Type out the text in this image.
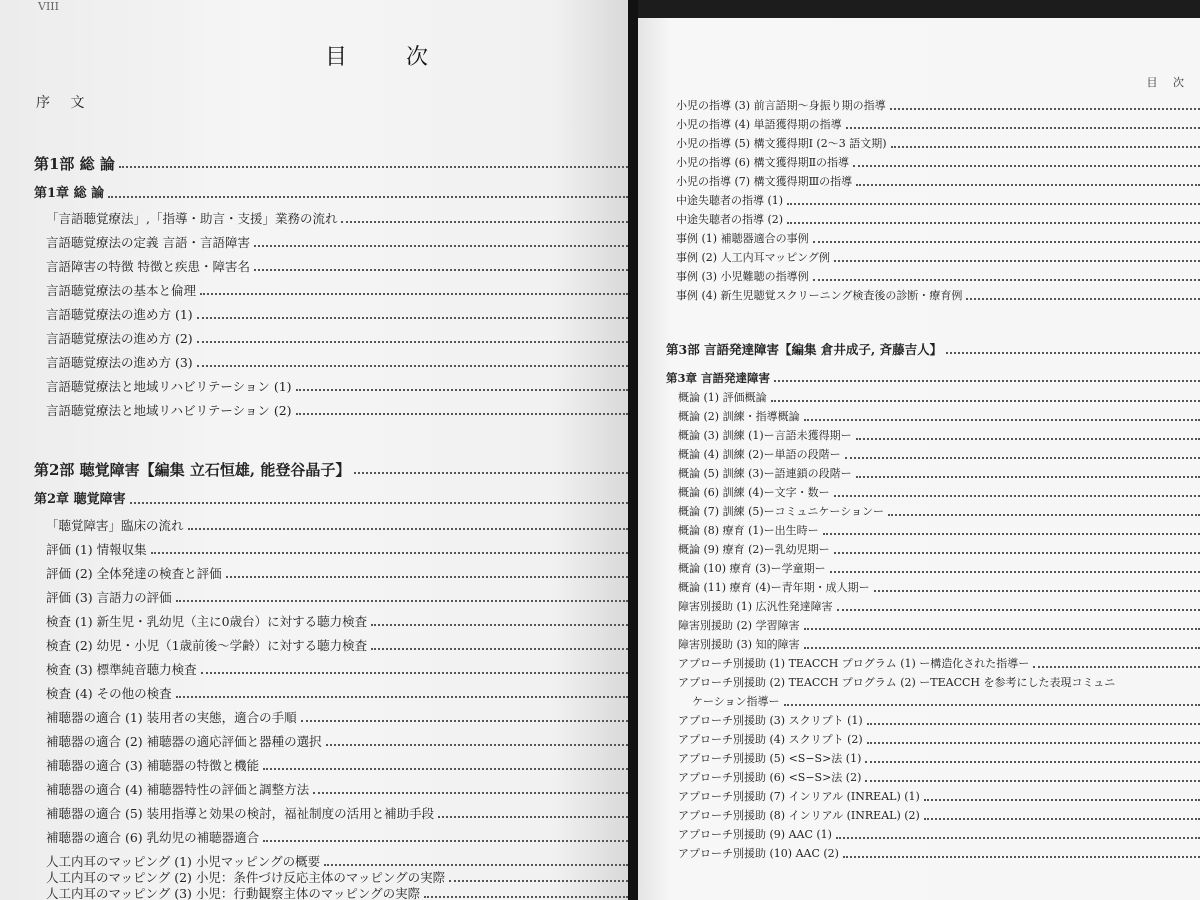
VIII
目 次
序 文
第1部 総 論
第1章 総 論
「言語聴覚療法」,「指導・助言・支援」業務の流れ
言語聴覚療法の定義 言語・言語障害
言語障害の特徴 特徴と疾患・障害名
言語聴覚療法の基本と倫理
言語聴覚療法の進め方 (1)
言語聴覚療法の進め方 (2)
言語聴覚療法の進め方 (3)
言語聴覚療法と地域リハビリテーション (1)
言語聴覚療法と地域リハビリテーション (2)
第2部 聴覚障害【編集 立石恒雄, 能登谷晶子】
第2章 聴覚障害
「聴覚障害」臨床の流れ
評価 (1) 情報収集
評価 (2) 全体発達の検査と評価
評価 (3) 言語力の評価
検査 (1) 新生児・乳幼児（主に0歳台）に対する聴力検査
検査 (2) 幼児・小児（1歳前後～学齢）に対する聴力検査
検査 (3) 標準純音聴力検査
検査 (4) その他の検査
補聴器の適合 (1) 装用者の実態，適合の手順
補聴器の適合 (2) 補聴器の適応評価と器種の選択
補聴器の適合 (3) 補聴器の特徴と機能
補聴器の適合 (4) 補聴器特性の評価と調整方法
補聴器の適合 (5) 装用指導と効果の検討，福祉制度の活用と補助手段
補聴器の適合 (6) 乳幼児の補聴器適合
人工内耳のマッピング (1) 小児マッピングの概要
人工内耳のマッピング (2) 小児：条件づけ反応主体のマッピングの実際
人工内耳のマッピング (3) 小児：行動観察主体のマッピングの実際
目 次
小児の指導 (3) 前言語期～身振り期の指導
小児の指導 (4) 単語獲得期の指導
小児の指導 (5) 構文獲得期Ⅰ (2～3 語文期)
小児の指導 (6) 構文獲得期Ⅱの指導
小児の指導 (7) 構文獲得期Ⅲの指導
中途失聴者の指導 (1)
中途失聴者の指導 (2)
事例 (1) 補聴器適合の事例
事例 (2) 人工内耳マッピング例
事例 (3) 小児難聴の指導例
事例 (4) 新生児聴覚スクリーニング検査後の診断・療育例
第3部 言語発達障害【編集 倉井成子, 斉藤吉人】
第3章 言語発達障害
概論 (1) 評価概論
概論 (2) 訓練・指導概論
概論 (3) 訓練 (1)ー言語未獲得期ー
概論 (4) 訓練 (2)ー単語の段階ー
概論 (5) 訓練 (3)ー語連鎖の段階ー
概論 (6) 訓練 (4)ー文字・数ー
概論 (7) 訓練 (5)ーコミュニケーションー
概論 (8) 療育 (1)ー出生時ー
概論 (9) 療育 (2)ー乳幼児期ー
概論 (10) 療育 (3)ー学童期ー
概論 (11) 療育 (4)ー青年期・成人期ー
障害別援助 (1) 広汎性発達障害
障害別援助 (2) 学習障害
障害別援助 (3) 知的障害
アプローチ別援助 (1) TEACCH プログラム (1) ー構造化された指導ー
アプローチ別援助 (2) TEACCH プログラム (2) ーTEACCH を参考にした表現コミュニ
ケーション指導ー
アプローチ別援助 (3) スクリプト (1)
アプローチ別援助 (4) スクリプト (2)
アプローチ別援助 (5) <S−S>法 (1)
アプローチ別援助 (6) <S−S>法 (2)
アプローチ別援助 (7) インリアル (INREAL) (1)
アプローチ別援助 (8) インリアル (INREAL) (2)
アプローチ別援助 (9) AAC (1)
アプローチ別援助 (10) AAC (2)
